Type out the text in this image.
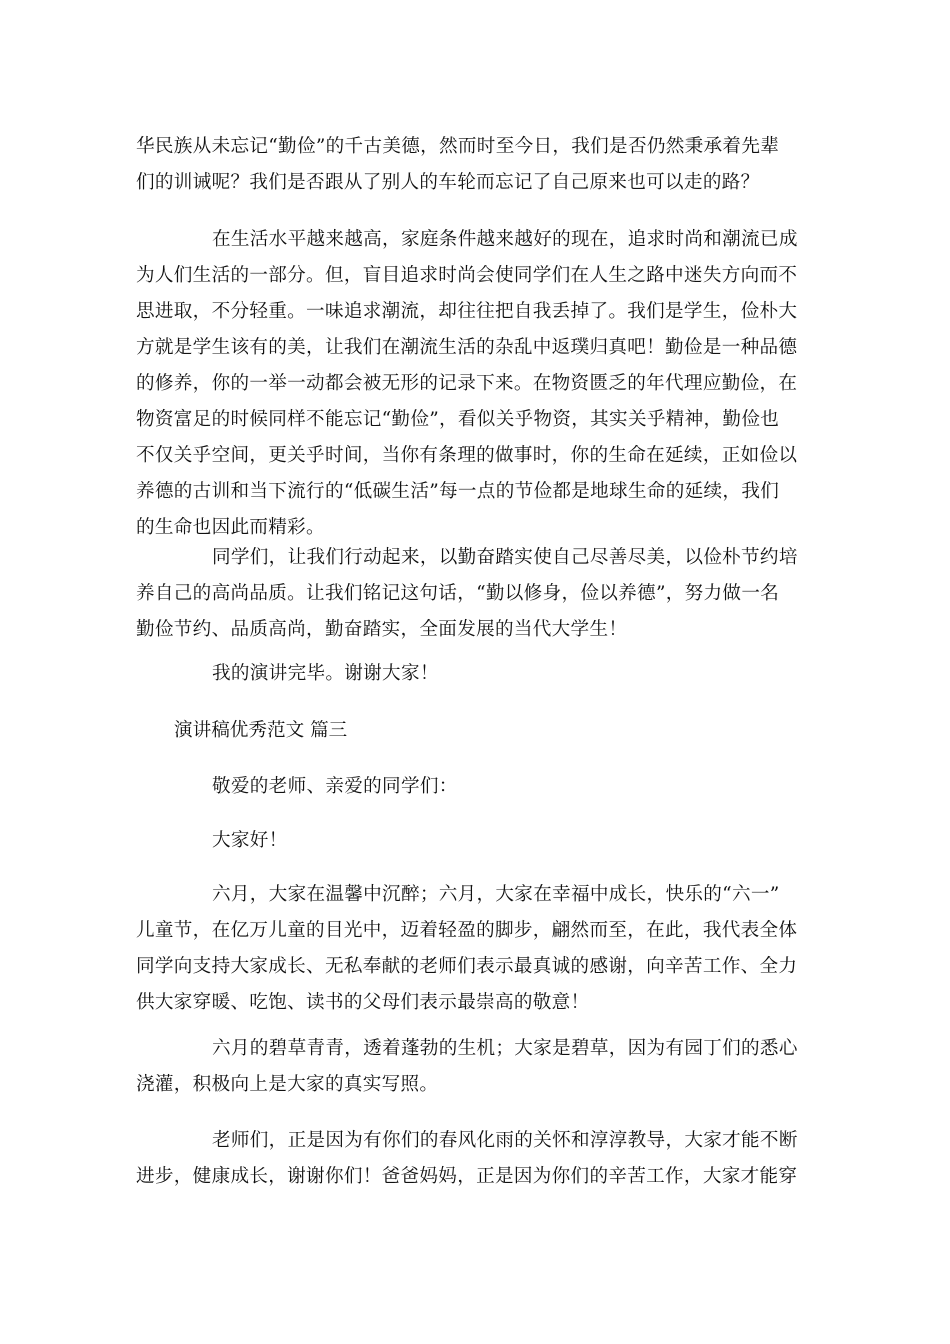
华民族从未忘记“勤俭”的千古美德，然而时至今日，我们是否仍然秉承着先辈
们的训诫呢？我们是否跟从了别人的车轮而忘记了自己原来也可以走的路？
在生活水平越来越高，家庭条件越来越好的现在，追求时尚和潮流已成
为人们生活的一部分。但，盲目追求时尚会使同学们在人生之路中迷失方向而不
思进取，不分轻重。一味追求潮流，却往往把自我丢掉了。我们是学生，俭朴大
方就是学生该有的美，让我们在潮流生活的杂乱中返璞归真吧！勤俭是一种品德
的修养，你的一举一动都会被无形的记录下来。在物资匮乏的年代理应勤俭，在
物资富足的时候同样不能忘记“勤俭”，看似关乎物资，其实关乎精神，勤俭也
不仅关乎空间，更关乎时间，当你有条理的做事时，你的生命在延续，正如俭以
养德的古训和当下流行的“低碳生活”每一点的节俭都是地球生命的延续，我们
的生命也因此而精彩。
同学们，让我们行动起来，以勤奋踏实使自己尽善尽美，以俭朴节约培
养自己的高尚品质。让我们铭记这句话，“勤以修身，俭以养德”，努力做一名
勤俭节约、品质高尚，勤奋踏实，全面发展的当代大学生！
我的演讲完毕。谢谢大家！
演讲稿优秀范文 篇三
敬爱的老师、亲爱的同学们：
大家好！
六月，大家在温馨中沉醉；六月，大家在幸福中成长，快乐的“六一”
儿童节，在亿万儿童的目光中，迈着轻盈的脚步，翩然而至，在此，我代表全体
同学向支持大家成长、无私奉献的老师们表示最真诚的感谢，向辛苦工作、全力
供大家穿暖、吃饱、读书的父母们表示最崇高的敬意！
六月的碧草青青，透着蓬勃的生机；大家是碧草，因为有园丁们的悉心
浇灌，积极向上是大家的真实写照。
老师们，正是因为有你们的春风化雨的关怀和淳淳教导，大家才能不断
进步，健康成长，谢谢你们！爸爸妈妈，正是因为你们的辛苦工作，大家才能穿
